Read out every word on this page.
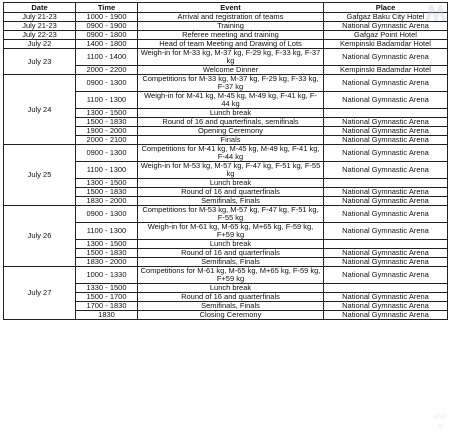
Date	Time	Event	Place
July 21-23	1000 - 1900	Arrival and registration of teams	Gafgaz Baku City Hotel
July 21-23	0900 - 1900	Training	National Gymnastic Arena
July 22-23	0900 - 1800	Referee meeting and training	Gafgaz Point Hotel
July 22	1400 - 1800	Head of team Meeting and Drawing of Lots	Kempinski Badamdar Hotel
July 23	1100 - 1400	Weigh-in for M-33 kg, M-37 kg, F-29 kg, F-33 kg, F-37 kg	National Gymnastic Arena
	2000 - 2200	Welcome Dinner	Kempinski Badamdar Hotel
July 24	0900 - 1300	Competitions for M-33 kg, M-37 kg, F-29 kg, F-33 kg, F-37 kg	National Gymnastic Arena
	1100 - 1300	Weigh-in for M-41 kg, M-45 kg, M-49 kg, F-41 kg, F-44 kg	National Gymnastic Arena
	1300 - 1500	Lunch break	
	1500 - 1830	Round of 16 and quarterfinals, semifinals	National Gymnastic Arena
	1900 - 2000	Opening Ceremony	National Gymnastic Arena
	2000 - 2100	Finals	National Gymnastic Arena
July 25	0900 - 1300	Competitions for M-41 kg, M-45 kg, M-49 kg, F-41 kg, F-44 kg	National Gymnastic Arena
	1100 - 1300	Weigh-in for M-53 kg, M-57 kg, F-47 kg, F-51 kg, F-55 kg	National Gymnastic Arena
	1300 - 1500	Lunch break	
	1500 - 1830	Round of 16 and quarterfinals	National Gymnastic Arena
	1830 - 2000	Semifinals, Finals	National Gymnastic Arena
July 26	0900 - 1300	Competitions for M-53 kg, M-57 kg, F-47 kg, F-51 kg, F-55 kg	National Gymnastic Arena
	1100 - 1300	Weigh-in for M-61 kg, M-65 kg, M+65 kg, F-59 kg, F+59 kg	National Gymnastic Arena
	1300 - 1500	Lunch break	
	1500 - 1830	Round of 16 and quarterfinals	National Gymnastic Arena
	1830 - 2000	Semifinals, Finals	National Gymnastic Arena
July 27	1000 - 1330	Competitions for M-61 kg, M-65 kg, M+65 kg, F-59 kg, F+59 kg	National Gymnastic Arena
	1330 - 1500	Lunch break	
	1500 - 1700	Round of 16 and quarterfinals	National Gymnastic Arena
	1700 - 1830	Semifinals, Finals	National Gymnastic Arena
	1830	Closing Ceremony	National Gymnastic Arena
EW
S
